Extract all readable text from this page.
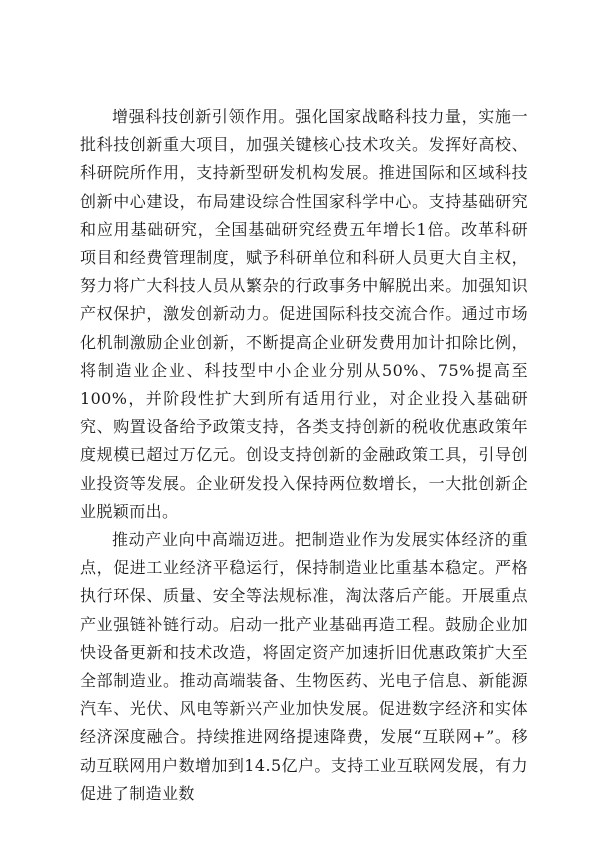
增强科技创新引领作用。强化国家战略科技力量，实施一批科技创新重大项目，加强关键核心技术攻关。发挥好高校、科研院所作用，支持新型研发机构发展。推进国际和区域科技创新中心建设，布局建设综合性国家科学中心。支持基础研究和应用基础研究，全国基础研究经费五年增长1倍。改革科研项目和经费管理制度，赋予科研单位和科研人员更大自主权，努力将广大科技人员从繁杂的行政事务中解脱出来。加强知识产权保护，激发创新动力。促进国际科技交流合作。通过市场化机制激励企业创新，不断提高企业研发费用加计扣除比例，将制造业企业、科技型中小企业分别从50%、75%提高至100%，并阶段性扩大到所有适用行业，对企业投入基础研究、购置设备给予政策支持，各类支持创新的税收优惠政策年度规模已超过万亿元。创设支持创新的金融政策工具，引导创业投资等发展。企业研发投入保持两位数增长，一大批创新企业脱颖而出。

推动产业向中高端迈进。把制造业作为发展实体经济的重点，促进工业经济平稳运行，保持制造业比重基本稳定。严格执行环保、质量、安全等法规标准，淘汰落后产能。开展重点产业强链补链行动。启动一批产业基础再造工程。鼓励企业加快设备更新和技术改造，将固定资产加速折旧优惠政策扩大至全部制造业。推动高端装备、生物医药、光电子信息、新能源汽车、光伏、风电等新兴产业加快发展。促进数字经济和实体经济深度融合。持续推进网络提速降费，发展“互联网+”。移动互联网用户数增加到14.5亿户。支持工业互联网发展，有力促进了制造业数
